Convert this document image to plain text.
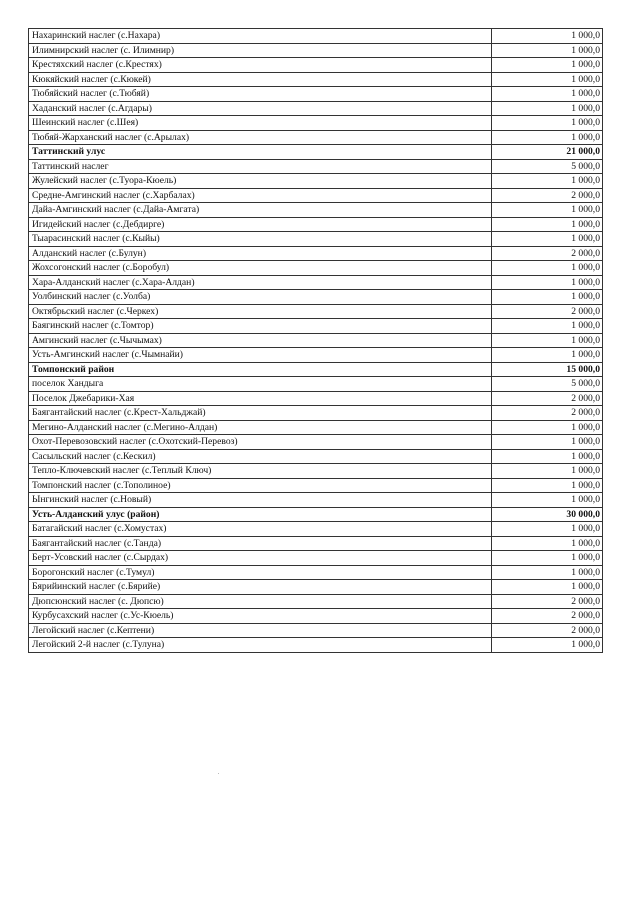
Нахаринский наслег (с.Нахара)	1 000,0
Илимнирский наслег (с. Илимнир)	1 000,0
Крестяхский наслег (с.Крестях)	1 000,0
Кюкяйский наслег (с.Кюкей)	1 000,0
Тюбяйский наслег (с.Тюбяй)	1 000,0
Хаданский наслег (с.Агдары)	1 000,0
Шеинский наслег (с.Шея)	1 000,0
Тюбяй-Жарханский наслег (с.Арылах)	1 000,0
Таттинский улус	21 000,0
Таттинский наслег	5 000,0
Жулейский наслег (с.Туора-Кюель)	1 000,0
Средне-Амгинский наслег (с.Харбалах)	2 000,0
Дайа-Амгинский наслег (с.Дайа-Амгата)	1 000,0
Игидейский наслег (с.Дебдирге)	1 000,0
Тыарасинский наслег (с.Кыйы)	1 000,0
Алданский наслег (с.Булун)	2 000,0
Жохсогонский наслег (с.Боробул)	1 000,0
Хара-Алданский наслег (с.Хара-Алдан)	1 000,0
Уолбинский наслег (с.Уолба)	1 000,0
Октябрьский наслег (с.Черкех)	2 000,0
Баягинский наслег (с.Томтор)	1 000,0
Амгинский наслег (с.Чычымах)	1 000,0
Усть-Амгинский наслег (с.Чымнайи)	1 000,0
Томпонский район	15 000,0
поселок Хандыга	5 000,0
Поселок Джебарики-Хая	2 000,0
Баягантайский наслег (с.Крест-Хальджай)	2 000,0
Мегино-Алданский наслег (с.Мегино-Алдан)	1 000,0
Охот-Перевозовский наслег (с.Охотский-Перевоз)	1 000,0
Сасыльский наслег (с.Кескил)	1 000,0
Тепло-Ключевский наслег (с.Теплый Ключ)	1 000,0
Томпонский наслег (с.Тополиное)	1 000,0
Ынгинский наслег (с.Новый)	1 000,0
Усть-Алданский улус (район)	30 000,0
Батагайский наслег (с.Хомустах)	1 000,0
Баягантайский наслег (с.Танда)	1 000,0
Берт-Усовский наслег (с.Сырдах)	1 000,0
Борогонский наслег (с.Тумул)	1 000,0
Бярийинский наслег (с.Бярийе)	1 000,0
Дюпсюнский наслег (с. Дюпсю)	2 000,0
Курбусахский наслег (с.Ус-Кюель)	2 000,0
Легойский наслег (с.Кептени)	2 000,0
Легойский 2-й наслег (с.Тулуна)	1 000,0
